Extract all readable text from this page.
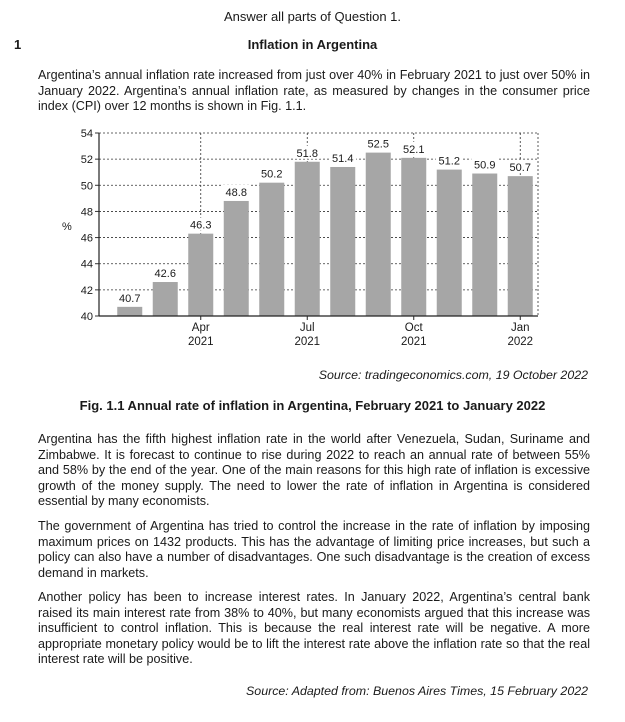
Answer all parts of Question 1.
1	Inflation in Argentina
Argentina’s annual inflation rate increased from just over 40% in February 2021 to just over 50% in January 2022. Argentina’s annual inflation rate, as measured by changes in the consumer price index (CPI) over 12 months is shown in Fig. 1.1.
40.7
42.6
46.3
48.8
50.2
51.8 51.4
52.5 52.1
51.2 50.9 50.7
54
52
50
48
46
44
42
40
Apr
2021
Jul
2021
Oct
2021
Jan
2022
%
Source: tradingeconomics.com, 19 October 2022
Fig. 1.1 Annual rate of inflation in Argentina, February 2021 to January 2022
Argentina has the fifth highest inflation rate in the world after Venezuela, Sudan, Suriname and Zimbabwe. It is forecast to continue to rise during 2022 to reach an annual rate of between 55% and 58% by the end of the year. One of the main reasons for this high rate of inflation is excessive growth of the money supply. The need to lower the rate of inflation in Argentina is considered essential by many economists.
The government of Argentina has tried to control the increase in the rate of inflation by imposing maximum prices on 1432 products. This has the advantage of limiting price increases, but such a policy can also have a number of disadvantages. One such disadvantage is the creation of excess demand in markets.
Another policy has been to increase interest rates. In January 2022, Argentina’s central bank raised its main interest rate from 38% to 40%, but many economists argued that this increase was insufficient to control inflation. This is because the real interest rate will be negative. A more appropriate monetary policy would be to lift the interest rate above the inflation rate so that the real interest rate will be positive.
Source: Adapted from: Buenos Aires Times, 15 February 2022
